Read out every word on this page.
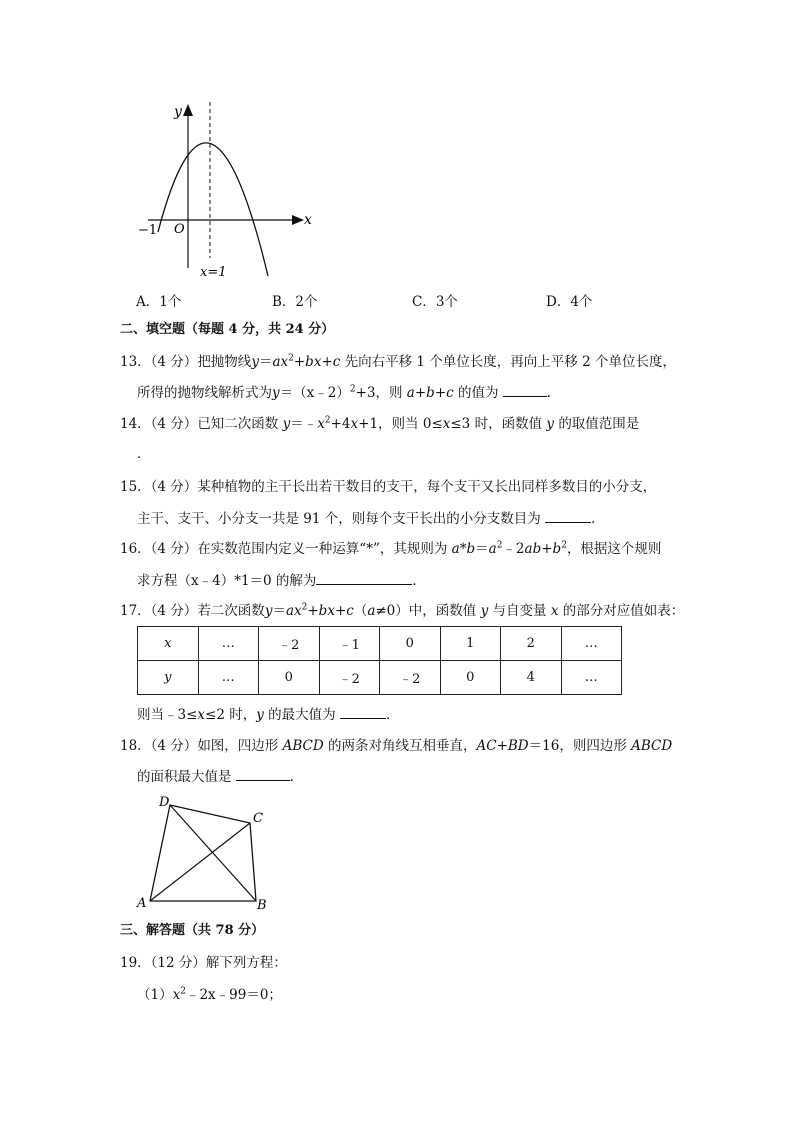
y
x
O
−1
x=1
A．1个	B．2个	C．3个	D．4个
二、填空题（每题 4 分，共 24 分）
13．（4 分）把抛物线$y=ax^2+bx+c$ 先向右平移 1 个单位长度，再向上平移 2 个单位长度，
所得的抛物线解析式为y＝（x﹣2）$^2$+3，则 a+b+c 的值为	．
14．（4 分）已知二次函数 $y=﹣x^2+4x+1$，则当 0≤x≤3 时，函数值 y 的取值范围是
．
15．（4 分）某种植物的主干长出若干数目的支干，每个支干又长出同样多数目的小分支，
主干、支干、小分支一共是 91 个，则每个支干长出的小分支数目为	．
16．（4 分）在实数范围内定义一种运算“*”，其规则为 $a*b=a^2﹣2ab+b^2$，根据这个规则
求方程（x﹣4）*1＝0 的解为	．
17．（4 分）若二次函数$y=ax^2+bx+c(a\ne 0)$中，函数值 y 与自变量 x 的部分对应值如表：
x	…	﹣2	﹣1	0	1	2	…
y	…	0	﹣2	﹣2	0	4	…
则当﹣3≤x≤2 时，y 的最大值为	．
18．（4 分）如图，四边形 ABCD 的两条对角线互相垂直，AC+BD＝16，则四边形 ABCD
的面积最大值是	．
D
C
A	B
三、解答题（共 78 分）
19．（12 分）解下列方程：
$(1)x^2﹣2x﹣99=0$；
